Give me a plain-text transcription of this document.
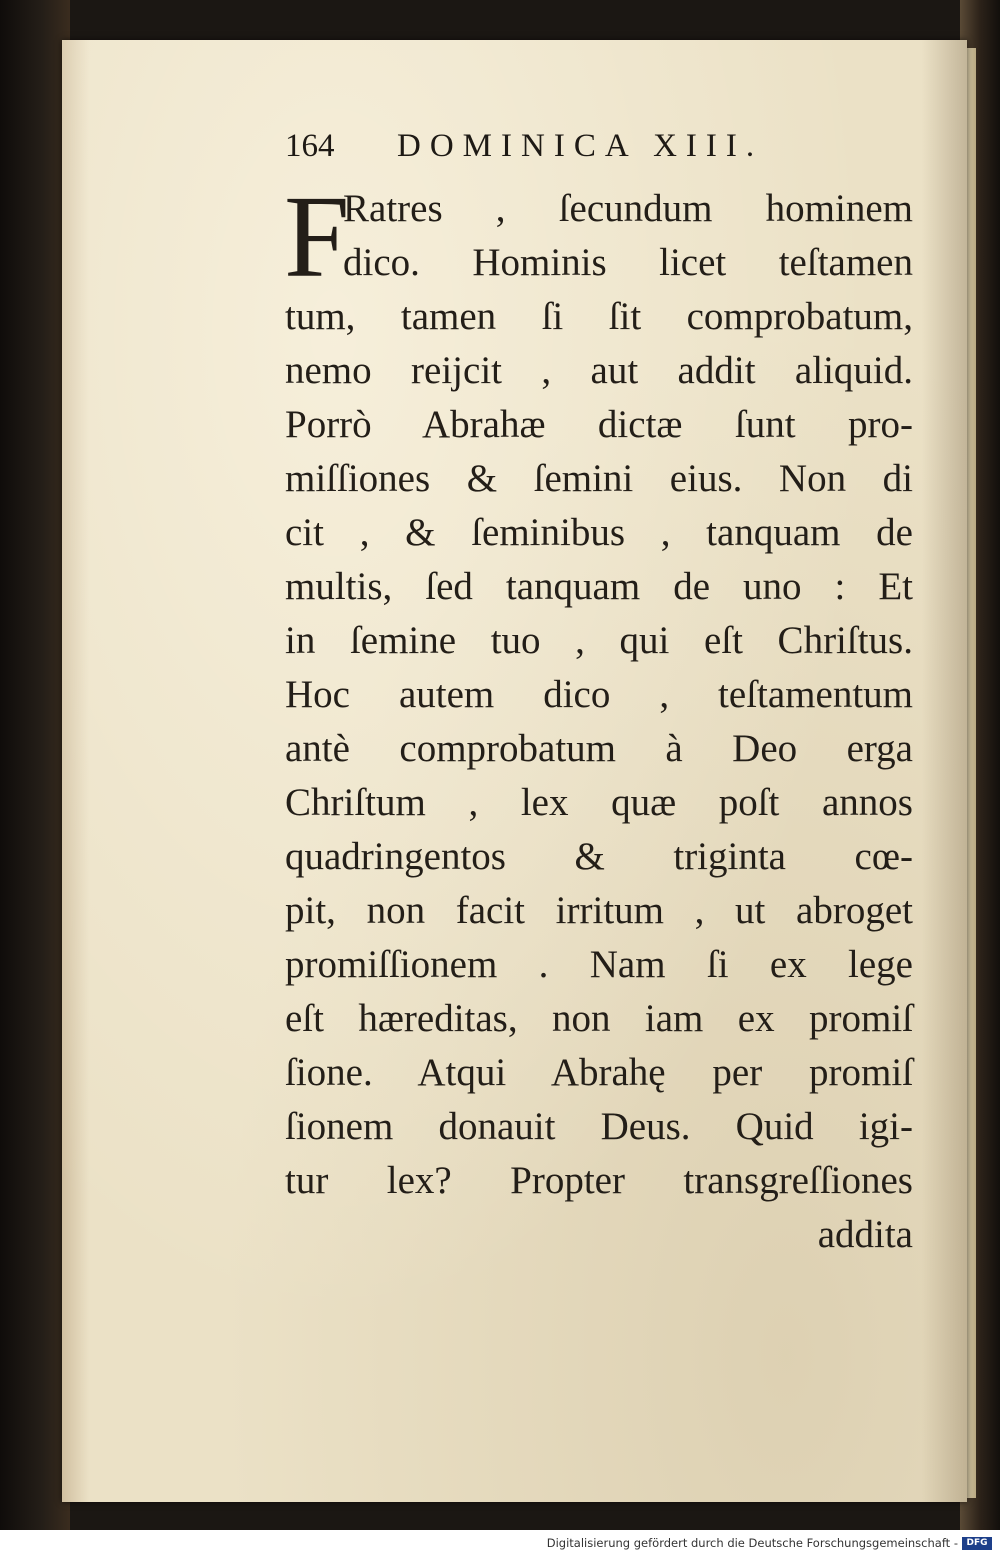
164 DOMINICA XIII.
F
Ratres , ſecundum hominem
dico. Hominis licet teſtamen
tum, tamen ſi ſit comprobatum,
nemo reijcit , aut addit aliquid.
Porrò Abrahæ dictæ ſunt pro-
miſſiones & ſemini eius. Non di
cit , & ſeminibus , tanquam de
multis, ſed tanquam de uno : Et
in ſemine tuo , qui eſt Chriſtus.
Hoc autem dico , teſtamentum
antè comprobatum à Deo erga
Chriſtum , lex quæ poſt annos
quadringentos & triginta cœ-
pit, non facit irritum , ut abroget
promiſſionem . Nam ſi ex lege
eſt hæreditas, non iam ex promiſ
ſione. Atqui Abrahę per promiſ
ſionem donauit Deus. Quid igi-
tur lex? Propter transgreſſiones
addita
Digitalisierung gefördert durch die Deutsche Forschungsgemeinschaft - DFG
